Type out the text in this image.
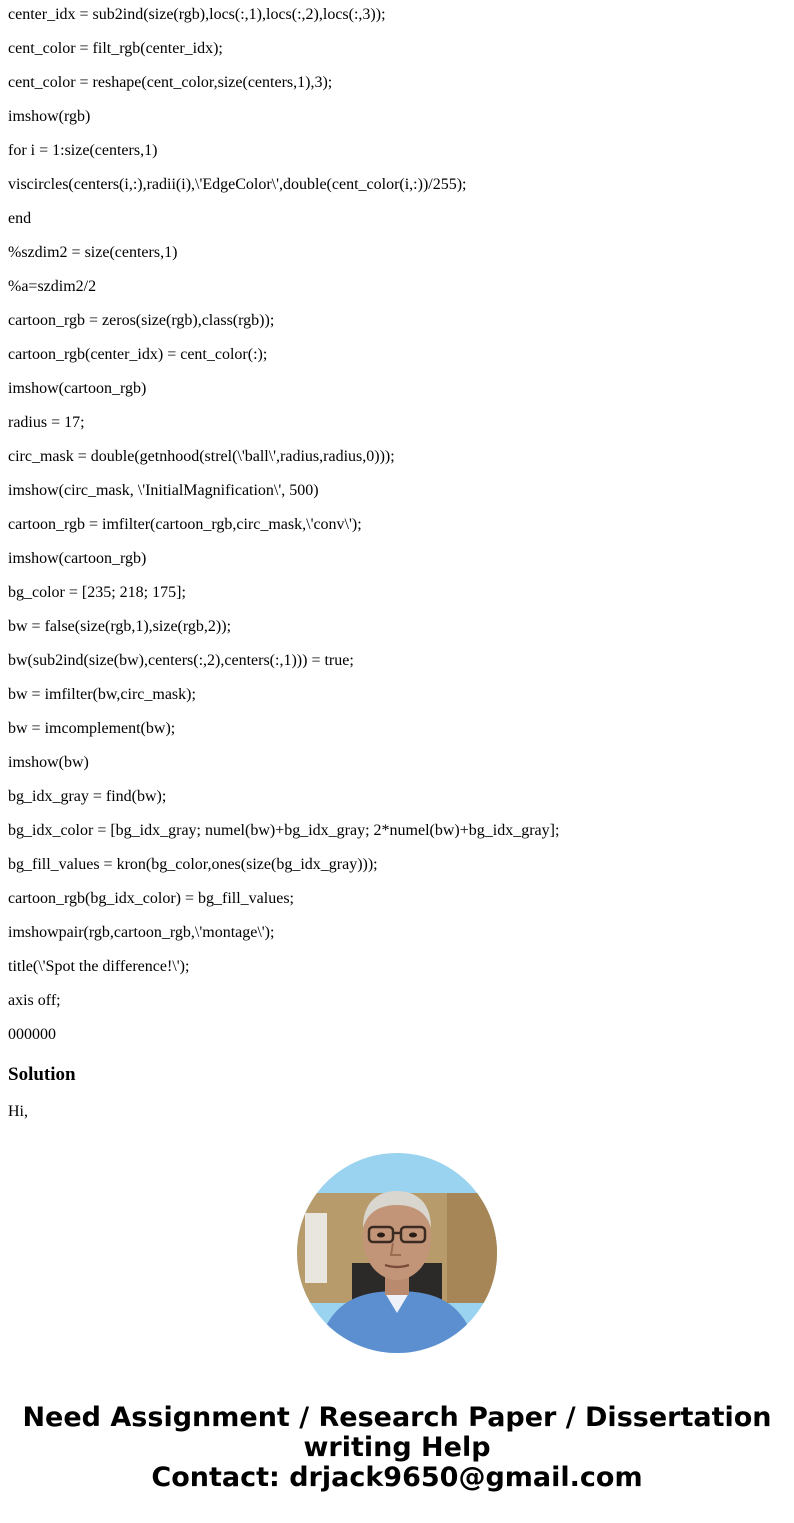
center_idx = sub2ind(size(rgb),locs(:,1),locs(:,2),locs(:,3));

cent_color = filt_rgb(center_idx);

cent_color = reshape(cent_color,size(centers,1),3);

imshow(rgb)

for i = 1:size(centers,1)

viscircles(centers(i,:),radii(i),\'EdgeColor\',double(cent_color(i,:))/255);

end

%szdim2 = size(centers,1)

%a=szdim2/2

cartoon_rgb = zeros(size(rgb),class(rgb));

cartoon_rgb(center_idx) = cent_color(:);

imshow(cartoon_rgb)

radius = 17;

circ_mask = double(getnhood(strel(\'ball\',radius,radius,0)));

imshow(circ_mask, \'InitialMagnification\', 500)

cartoon_rgb = imfilter(cartoon_rgb,circ_mask,\'conv\');

imshow(cartoon_rgb)

bg_color = [235; 218; 175];

bw = false(size(rgb,1),size(rgb,2));

bw(sub2ind(size(bw),centers(:,2),centers(:,1))) = true;

bw = imfilter(bw,circ_mask);

bw = imcomplement(bw);

imshow(bw)

bg_idx_gray = find(bw);

bg_idx_color = [bg_idx_gray; numel(bw)+bg_idx_gray; 2*numel(bw)+bg_idx_gray];

bg_fill_values = kron(bg_color,ones(size(bg_idx_gray)));

cartoon_rgb(bg_idx_color) = bg_fill_values;

imshowpair(rgb,cartoon_rgb,\'montage\');

title(\'Spot the difference!\');

axis off;

000000

Solution

Hi,

Need Assignment / Research Paper / Dissertation
writing Help
Contact: drjack9650@gmail.com
